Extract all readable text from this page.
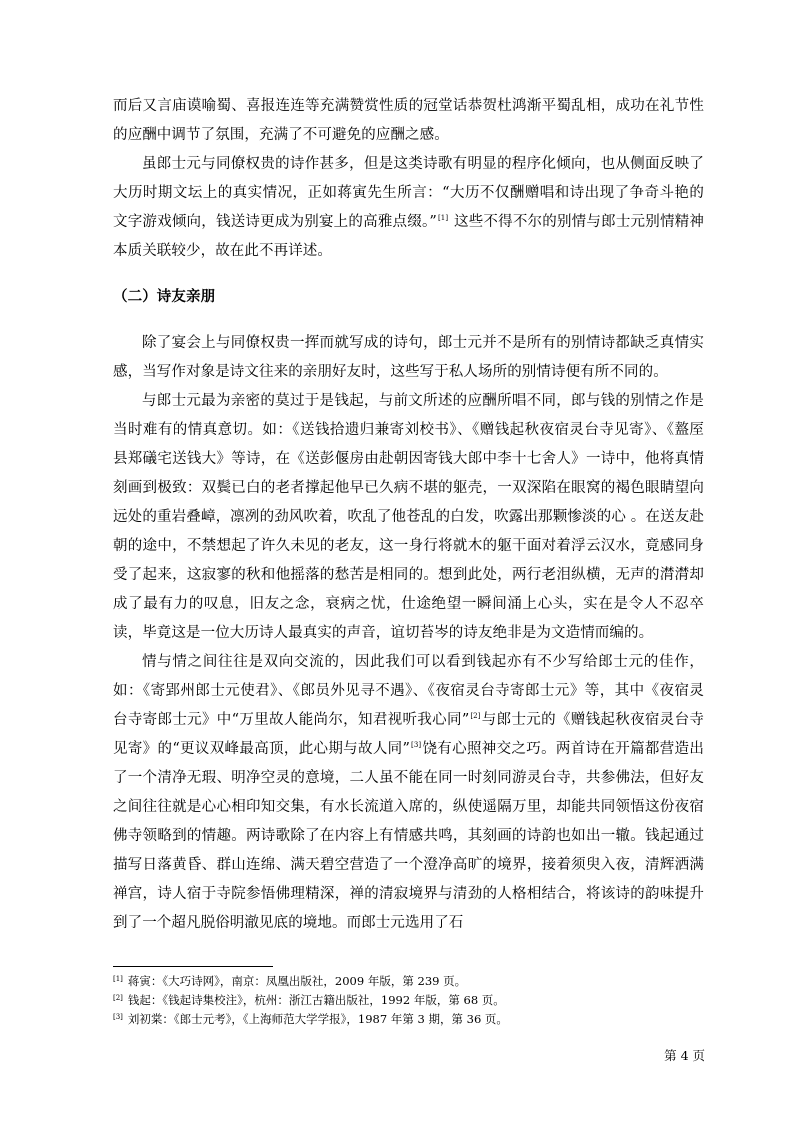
而后又言庙谟喻蜀、喜报连连等充满赞赏性质的冠堂话恭贺杜鸿渐平蜀乱相，成功在礼节性的应酬中调节了氛围，充满了不可避免的应酬之感。

虽郎士元与同僚权贵的诗作甚多，但是这类诗歌有明显的程序化倾向，也从侧面反映了大历时期文坛上的真实情况，正如蒋寅先生所言：“大历不仅酬赠唱和诗出现了争奇斗艳的文字游戏倾向，钱送诗更成为别宴上的高雅点缀。”[1] 这些不得不尔的别情与郎士元别情精神本质关联较少，故在此不再详述。

（二）诗友亲朋

除了宴会上与同僚权贵一挥而就写成的诗句，郎士元并不是所有的别情诗都缺乏真情实感，当写作对象是诗文往来的亲朋好友时，这些写于私人场所的别情诗便有所不同的。

与郎士元最为亲密的莫过于是钱起，与前文所述的应酬所唱不同，郎与钱的别情之作是当时难有的情真意切。如：《送钱拾遗归兼寄刘校书》、《赠钱起秋夜宿灵台寺见寄》、《盩厔县郑礒宅送钱大》等诗，在《送彭偃房由赴朝因寄钱大郎中李十七舍人》一诗中，他将真情刻画到极致：双鬓已白的老者撑起他早已久病不堪的躯壳，一双深陷在眼窝的褐色眼睛望向远处的重岩叠嶂，凛冽的劲风吹着，吹乱了他苍乱的白发，吹露出那颗惨淡的心 。在送友赴朝的途中，不禁想起了许久未见的老友，这一身行将就木的躯干面对着浮云汉水，竟感同身受了起来，这寂寥的秋和他摇落的愁苦是相同的。想到此处，两行老泪纵横，无声的潸潸却成了最有力的叹息，旧友之念，衰病之忧，仕途绝望一瞬间涌上心头，实在是令人不忍卒读，毕竟这是一位大历诗人最真实的声音，谊切苔岑的诗友绝非是为文造情而编的。

情与情之间往往是双向交流的，因此我们可以看到钱起亦有不少写给郎士元的佳作，如：《寄郢州郎士元使君》、《郎员外见寻不遇》、《夜宿灵台寺寄郎士元》等，其中《夜宿灵台寺寄郎士元》中“万里故人能尚尔，知君视听我心同”[2]与郎士元的《赠钱起秋夜宿灵台寺见寄》的“更议双峰最高顶，此心期与故人同”[3]饶有心照神交之巧。两首诗在开篇都营造出了一个清净无瑕、明净空灵的意境，二人虽不能在同一时刻同游灵台寺，共参佛法，但好友之间往往就是心心相印知交集，有水长流道入席的，纵使遥隔万里，却能共同领悟这份夜宿佛寺领略到的情趣。两诗歌除了在内容上有情感共鸣，其刻画的诗韵也如出一辙。钱起通过描写日落黄昏、群山连绵、满天碧空营造了一个澄净高旷的境界，接着须臾入夜，清辉洒满禅宫，诗人宿于寺院参悟佛理精深，禅的清寂境界与清劲的人格相结合，将该诗的韵味提升到了一个超凡脱俗明澈见底的境地。而郎士元选用了石

[1] 蒋寅：《大巧诗网》，南京：凤凰出版社，2009 年版，第 239 页。
[2] 钱起：《钱起诗集校注》，杭州：浙江古籍出版社，1992 年版，第 68 页。
[3] 刘初棠：《郎士元考》，《上海师范大学学报》，1987 年第 3 期，第 36 页。
第 4 页
